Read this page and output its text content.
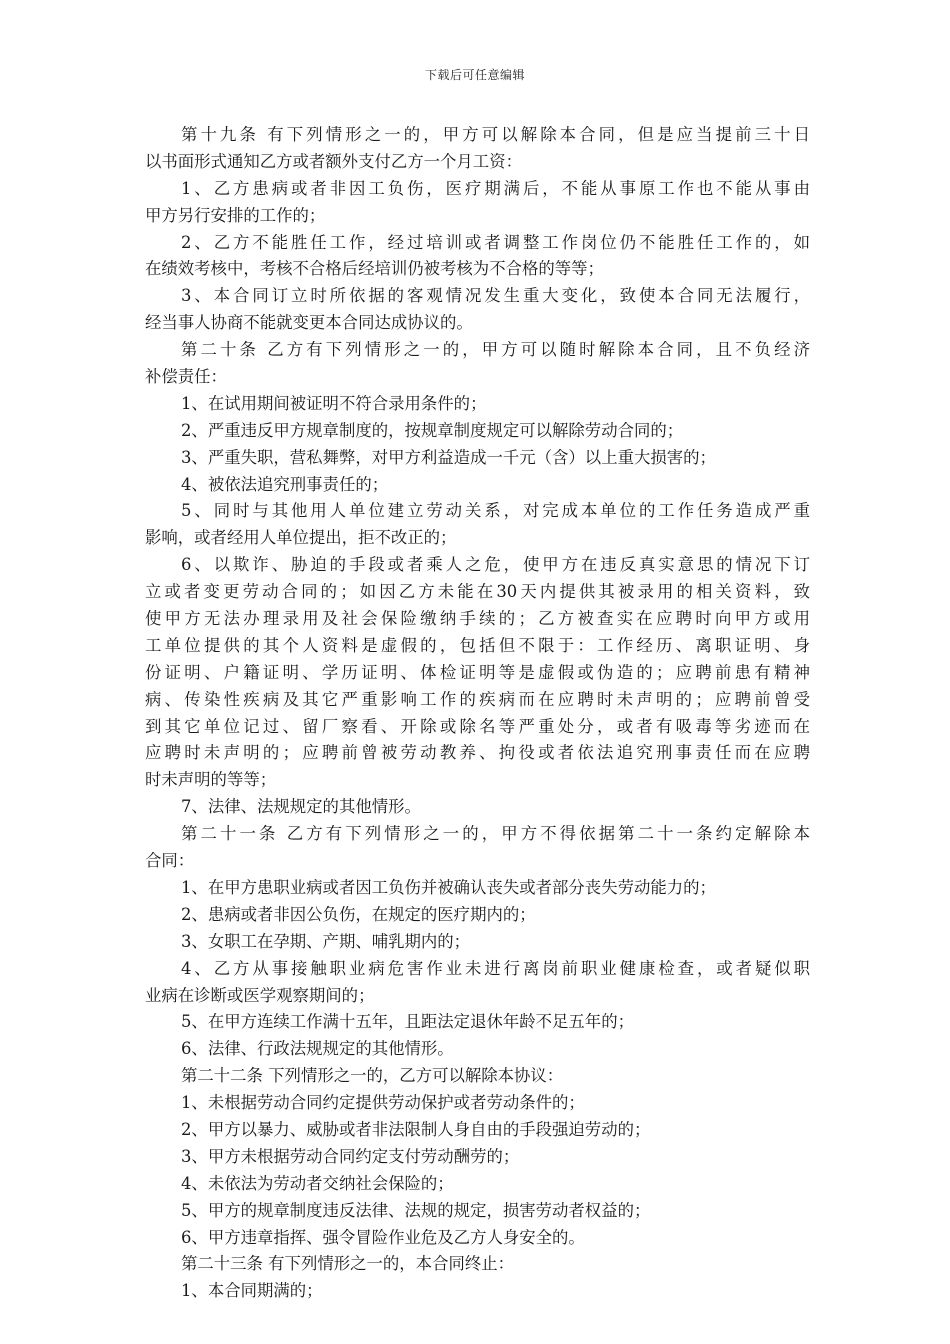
下载后可任意编辑
第十九条 有下列情形之一的，甲方可以解除本合同，但是应当提前三十日
以书面形式通知乙方或者额外支付乙方一个月工资：
1、乙方患病或者非因工负伤，医疗期满后，不能从事原工作也不能从事由
甲方另行安排的工作的；
2、乙方不能胜任工作，经过培训或者调整工作岗位仍不能胜任工作的，如
在绩效考核中，考核不合格后经培训仍被考核为不合格的等等；
3、本合同订立时所依据的客观情况发生重大变化，致使本合同无法履行，
经当事人协商不能就变更本合同达成协议的。
第二十条 乙方有下列情形之一的，甲方可以随时解除本合同，且不负经济
补偿责任：
1、在试用期间被证明不符合录用条件的；
2、严重违反甲方规章制度的，按规章制度规定可以解除劳动合同的；
3、严重失职，营私舞弊，对甲方利益造成一千元（含）以上重大损害的；
4、被依法追究刑事责任的；
5、同时与其他用人单位建立劳动关系，对完成本单位的工作任务造成严重
影响，或者经用人单位提出，拒不改正的；
6、以欺诈、胁迫的手段或者乘人之危，使甲方在违反真实意思的情况下订
立或者变更劳动合同的；如因乙方未能在30天内提供其被录用的相关资料，致
使甲方无法办理录用及社会保险缴纳手续的；乙方被查实在应聘时向甲方或用
工单位提供的其个人资料是虚假的，包括但不限于：工作经历、离职证明、身
份证明、户籍证明、学历证明、体检证明等是虚假或伪造的；应聘前患有精神
病、传染性疾病及其它严重影响工作的疾病而在应聘时未声明的；应聘前曾受
到其它单位记过、留厂察看、开除或除名等严重处分，或者有吸毒等劣迹而在
应聘时未声明的；应聘前曾被劳动教养、拘役或者依法追究刑事责任而在应聘
时未声明的等等；
7、法律、法规规定的其他情形。
第二十一条 乙方有下列情形之一的，甲方不得依据第二十一条约定解除本
合同：
1、在甲方患职业病或者因工负伤并被确认丧失或者部分丧失劳动能力的；
2、患病或者非因公负伤，在规定的医疗期内的；
3、女职工在孕期、产期、哺乳期内的；
4、乙方从事接触职业病危害作业未进行离岗前职业健康检查，或者疑似职
业病在诊断或医学观察期间的；
5、在甲方连续工作满十五年，且距法定退休年龄不足五年的；
6、法律、行政法规规定的其他情形。
第二十二条 下列情形之一的，乙方可以解除本协议：
1、未根据劳动合同约定提供劳动保护或者劳动条件的；
2、甲方以暴力、威胁或者非法限制人身自由的手段强迫劳动的；
3、甲方未根据劳动合同约定支付劳动酬劳的；
4、未依法为劳动者交纳社会保险的；
5、甲方的规章制度违反法律、法规的规定，损害劳动者权益的；
6、甲方违章指挥、强令冒险作业危及乙方人身安全的。
第二十三条 有下列情形之一的，本合同终止：
1、本合同期满的；
